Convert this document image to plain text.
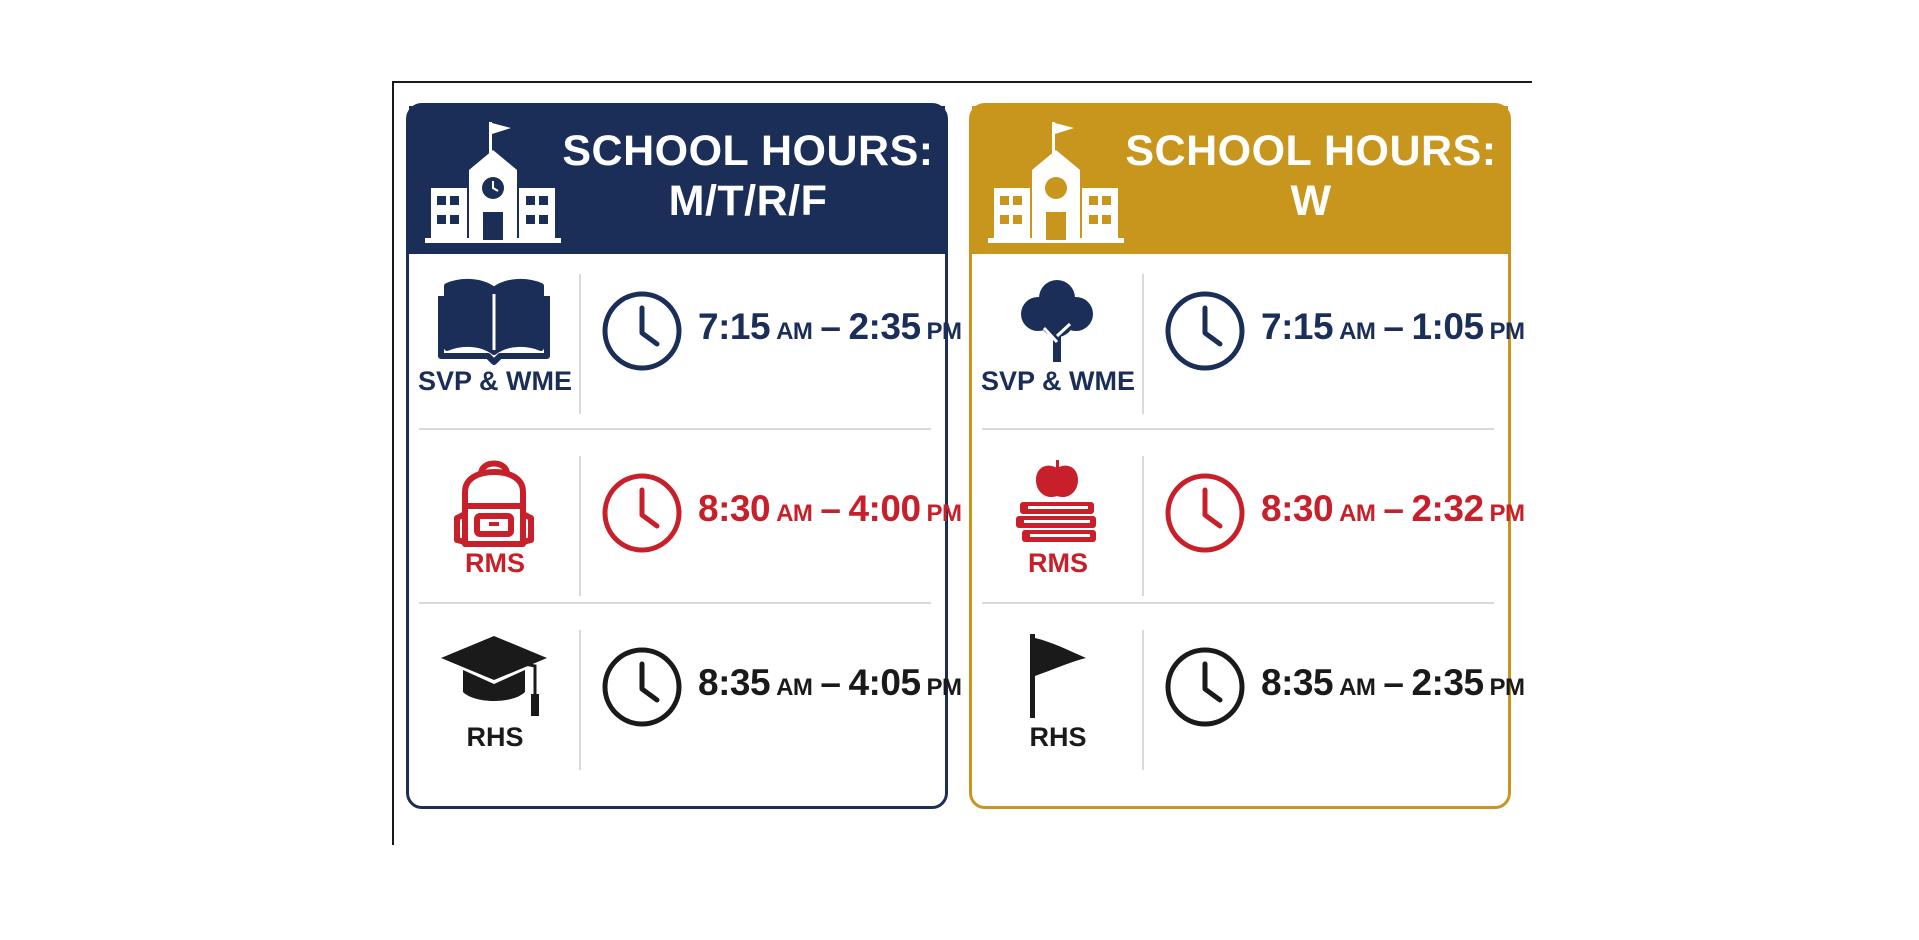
SCHOOL HOURS:
M/T/R/F
SVP & WME
7:15 AM – 2:35 PM
RMS
8:30 AM – 4:00 PM
RHS
8:35 AM – 4:05 PM
SCHOOL HOURS:
W
SVP & WME
7:15 AM – 1:05 PM
RMS
8:30 AM – 2:32 PM
RHS
8:35 AM – 2:35 PM
